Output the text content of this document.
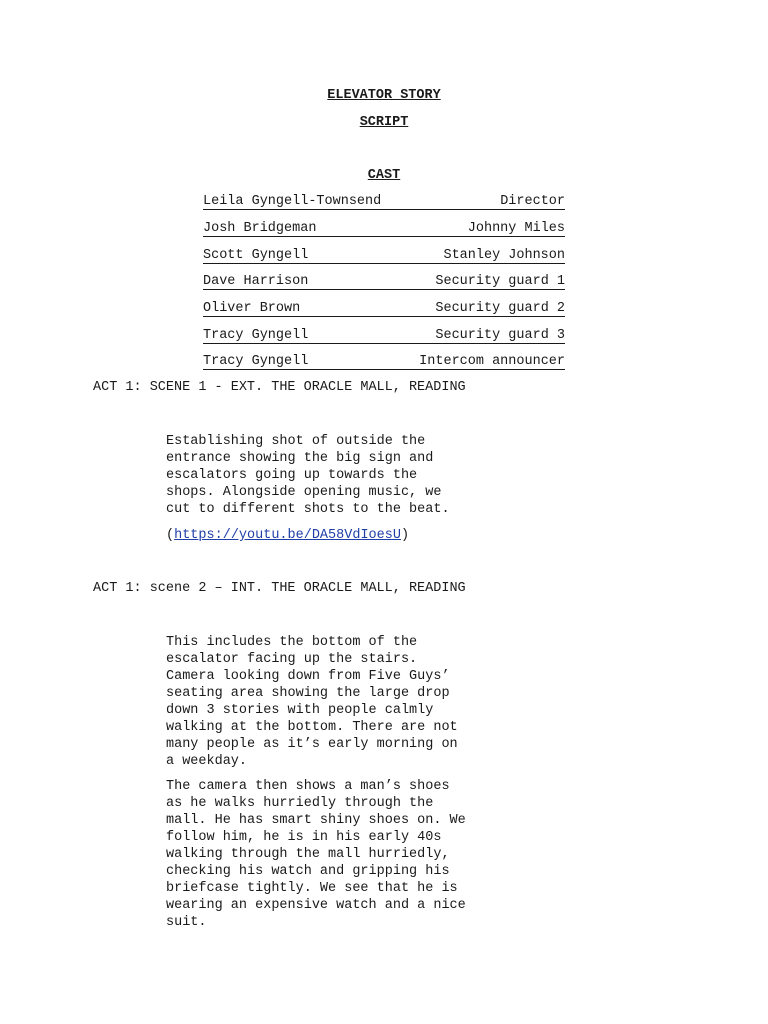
ELEVATOR STORY
SCRIPT
CAST
Leila Gyngell-Townsend	Director
Josh Bridgeman	Johnny Miles
Scott Gyngell	Stanley Johnson
Dave Harrison	Security guard 1
Oliver Brown	Security guard 2
Tracy Gyngell	Security guard 3
Tracy Gyngell	Intercom announcer
ACT 1: SCENE 1 - EXT. THE ORACLE MALL, READING
Establishing shot of outside the
entrance showing the big sign and
escalators going up towards the
shops. Alongside opening music, we
cut to different shots to the beat.
(https://youtu.be/DA58VdIoesU)
ACT 1: scene 2 – INT. THE ORACLE MALL, READING
This includes the bottom of the
escalator facing up the stairs.
Camera looking down from Five Guys’
seating area showing the large drop
down 3 stories with people calmly
walking at the bottom. There are not
many people as it’s early morning on
a weekday.
The camera then shows a man’s shoes
as he walks hurriedly through the
mall. He has smart shiny shoes on. We
follow him, he is in his early 40s
walking through the mall hurriedly,
checking his watch and gripping his
briefcase tightly. We see that he is
wearing an expensive watch and a nice
suit.
